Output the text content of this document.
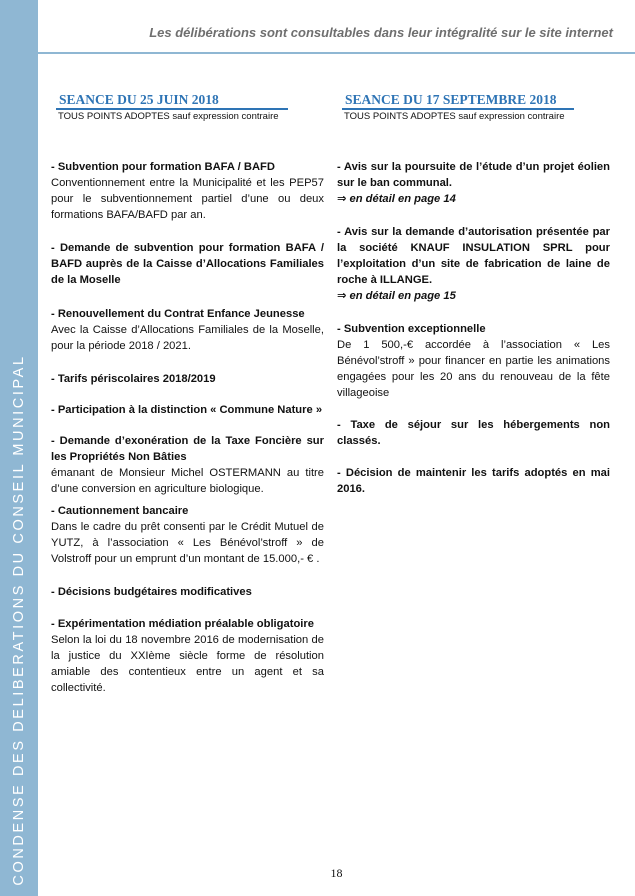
CONDENSE DES DELIBERATIONS DU CONSEIL MUNICIPAL
Les délibérations sont consultables dans leur intégralité sur le site internet
SEANCE DU 25 JUIN 2018
TOUS POINTS ADOPTES sauf expression contraire
- Subvention pour formation BAFA / BAFD
Conventionnement entre la Municipalité et les PEP57 pour le subventionnement partiel d’une ou deux formations BAFA/BAFD par an.
- Demande de subvention pour formation BAFA / BAFD auprès de la Caisse d’Allocations Familiales de la Moselle
- Renouvellement du Contrat Enfance Jeunesse
Avec la Caisse d’Allocations Familiales de la Moselle, pour la période 2018 / 2021.
- Tarifs périscolaires 2018/2019
- Participation à la distinction « Commune Nature »
- Demande d’exonération de la Taxe Foncière sur les Propriétés Non Bâties
émanant de Monsieur Michel OSTERMANN au titre d’une conversion en agriculture biologique.
- Cautionnement bancaire
Dans le cadre du prêt consenti par le Crédit Mutuel de YUTZ, à l’association « Les Bénévol’stroff » de Volstroff pour un emprunt d’un montant de 15.000,- € .
- Décisions budgétaires modificatives
- Expérimentation médiation préalable obligatoire
Selon la loi du 18 novembre 2016 de modernisation de la justice du XXIème siècle forme de résolution amiable des contentieux entre un agent et sa collectivité.
SEANCE DU 17 SEPTEMBRE 2018
TOUS POINTS ADOPTES sauf expression contraire
- Avis sur la poursuite de l’étude d’un projet éolien sur le ban communal.
⇒ en détail en page 14
- Avis sur la demande d’autorisation présentée par la société KNAUF INSULATION SPRL pour l’exploitation d’un site de fabrication de laine de roche à ILLANGE.
⇒ en détail en page 15
- Subvention exceptionnelle
De 1 500,-€ accordée à l’association « Les Bénévol’stroff » pour financer en partie les animations engagées pour les 20 ans du renouveau de la fête villageoise
- Taxe de séjour sur les hébergements non classés.
- Décision de maintenir les tarifs adoptés en mai 2016.
18
